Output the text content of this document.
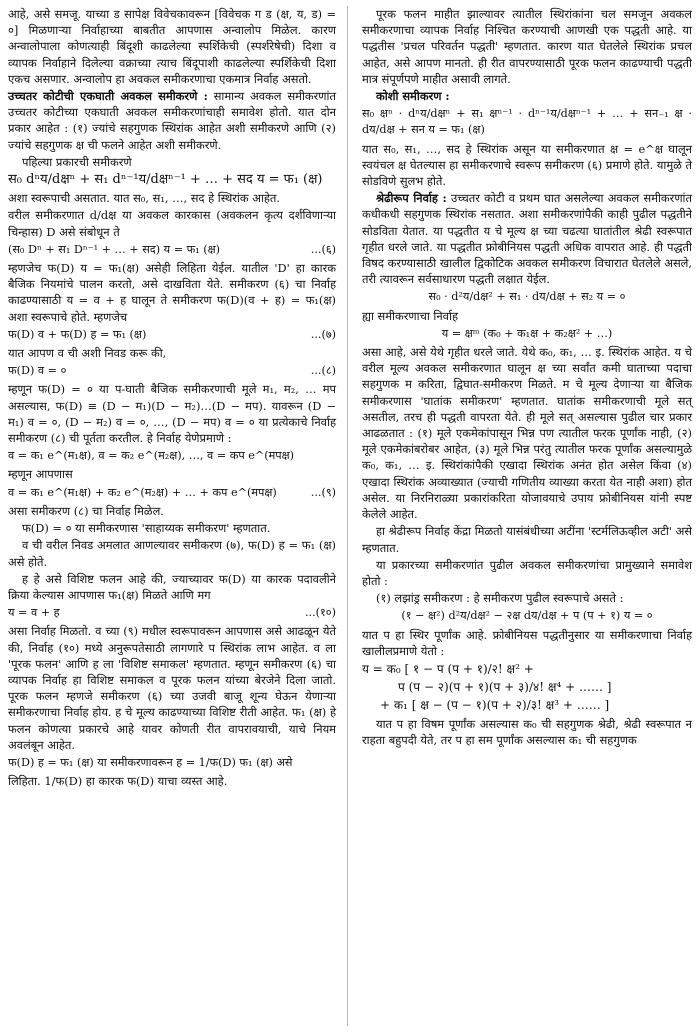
आहे, असे समजू. याच्या ड सापेक्ष विवेचकावरून [विवेचक ग ड (क्ष, य, ड) = ०] मिळणाऱ्या निर्वाहाच्या बाबतीत आपणास अन्वालोप मिळेल. कारण अन्वालोपाला कोणत्याही बिंदूशी काढलेल्या स्पर्शिकेची (स्पर्शरेषेची) दिशा व व्यापक निर्वाहाने दिलेल्या वक्राच्या त्याच बिंदूपाशी काढलेल्या स्पर्शिकेची दिशा एकच असणार. अन्वालोप हा अवकल समीकरणाचा एकमात्र निर्वाह असतो.

उच्चतर कोटीची एकघाती अवकल समीकरणे : सामान्य अवकल समीकरणांत उच्चतर कोटीच्या एकघाती अवकल समीकरणांचाही समावेश होतो. यात दोन प्रकार आहेत : (१) ज्यांचे सहगुणक स्थिरांक आहेत अशी समीकरणे आणि (२) ज्यांचे सहगुणक क्ष ची फलने आहेत अशी समीकरणे.

पहिल्या प्रकारची समीकरणे

स₀ dⁿय/dक्षⁿ + स₁ dⁿ⁻¹य/dक्षⁿ⁻¹ + … + सद य = फ₁ (क्ष)

अशा स्वरूपाची असतात. यात स₀, स₁, …, सद हे स्थिरांक आहेत.

वरील समीकरणात d/dक्ष या अवकल कारकास (अवकलन कृत्य दर्शविणाऱ्या चिन्हास) D असे संबोधून ते

...(६)
(स₀ Dⁿ + स₁ Dⁿ⁻¹ + … + सद) य = फ₁ (क्ष)

म्हणजेच फ(D) य = फ₁(क्ष) असेही लिहिता येईल. यातील 'D' हा कारक बैजिक नियमांचे पालन करतो, असे दाखविता येते. समीकरण (६) चा निर्वाह काढण्यासाठी य = व + ह घालून ते समीकरण फ(D)(व + ह) = फ₁(क्ष) अशा स्वरूपाचे होते. म्हणजेच

...(७)
फ(D) व + फ(D) ह = फ₁ (क्ष)

यात आपण व ची अशी निवड करू की,

...(८)
फ(D) व = ०

म्हणून फ(D) = ० या प-घाती बैजिक समीकरणाची मूले म₁, म₂, … मप असल्यास, फ(D) ≡ (D − म₁)(D − म₂)…(D − मप). यावरून (D − म₁) व = ०, (D − म₂) व = ०, …, (D − मप) व = ० या प्रत्येकाचे निर्वाह समीकरण (८) ची पूर्तता करतील. हे निर्वाह येणेप्रमाणे :

व = क₁ e^(म₁क्ष), व = क₂ e^(म₂क्ष), …, व = कप e^(मपक्ष)

म्हणून आपणास

...(९)
व = क₁ e^(म₁क्ष) + क₂ e^(म₂क्ष) + … + कप e^(मपक्ष)

असा समीकरण (८) चा निर्वाह मिळेल.

फ(D) = ० या समीकरणास 'साहाय्यक समीकरण' म्हणतात.

व ची वरील निवड अमलात आणल्यावर समीकरण (७), फ(D) ह = फ₁ (क्ष) असे होते.

ह हे असे विशिष्ट फलन आहे की, ज्याच्यावर फ(D) या कारक पदावलीने क्रिया केल्यास आपणास फ₁(क्ष) मिळते आणि मग

...(१०)
य = व + ह

असा निर्वाह मिळतो. व च्या (९) मधील स्वरूपावरून आपणास असे आढळून येते की, निर्वाह (१०) मध्ये अनुरूपतेसाठी लागणारे प स्थिरांक लाभ आहेत. व ला 'पूरक फलन' आणि ह ला 'विशिष्ट समाकल' म्हणतात. म्हणून समीकरण (६) चा व्यापक निर्वाह हा विशिष्ट समाकल व पूरक फलन यांच्या बेरजेने दिला जातो. पूरक फलन म्हणजे समीकरण (६) च्या उजवी बाजू शून्य घेऊन येणाऱ्या समीकरणाचा निर्वाह होय. ह चे मूल्य काढण्याच्या विशिष्ट रीती आहेत. फ₁ (क्ष) हे फलन कोणत्या प्रकारचे आहे यावर कोणती रीत वापरावयाची, याचे नियम अवलंबून आहेत.

फ(D) ह = फ₁ (क्ष) या समीकरणावरून ह = 1/फ(D) फ₁ (क्ष) असे

लिहिता. 1/फ(D) हा कारक फ(D) याचा व्यस्त आहे.

पूरक फलन माहीत झाल्यावर त्यातील स्थिरांकांना चल समजून अवकल समीकरणाचा व्यापक निर्वाह निश्चित करण्याची आणखी एक पद्धती आहे. या पद्धतीस 'प्रचल परिवर्तन पद्धती' म्हणतात. कारण यात घेतलेले स्थिरांक प्रचल आहेत, असे आपण मानतो. ही रीत वापरण्यासाठी पूरक फलन काढण्याची पद्धती मात्र संपूर्णपणे माहीत असावी लागते.

कोशी समीकरण :

स₀ क्षⁿ · dⁿय/dक्षⁿ + स₁ क्षⁿ⁻¹ · dⁿ⁻¹य/dक्षⁿ⁻¹ + … + सन₋₁ क्ष · dय/dक्ष + सन य = फ₁ (क्ष)

यात स₀, स₁, …, सद हे स्थिरांक असून या समीकरणात क्ष = e^क्ष घालून स्वयंचल क्ष घेतल्यास हा समीकरणाचे स्वरूप समीकरण (६) प्रमाणे होते. यामुळे ते सोडविणे सुलभ होते.

श्रेढीरूप निर्वाह : उच्चतर कोटी व प्रथम घात असलेल्या अवकल समीकरणांत कधीकधी सहगुणक स्थिरांक नसतात. अशा समीकरणांपैकी काही पुढील पद्धतीने सोडविता येतात. या पद्धतीत य चे मूल्य क्ष च्या चढत्या घातांतील श्रेढी स्वरूपात गृहीत धरले जाते. या पद्धतीत फ्रोबीनियस पद्धती अधिक वापरात आहे. ही पद्धती विषद करण्यासाठी खालील द्विकोटिक अवकल समीकरण विचारात घेतलेले असले, तरी त्यावरून सर्वसाधारण पद्धती लक्षात येईल.

स₀ · d²य/dक्ष² + स₁ · dय/dक्ष + स₂ य = ०

ह्या समीकरणाचा निर्वाह

य = क्षᵐ (क₀ + क₁क्ष + क₂क्ष² + …)

असा आहे, असे येथे गृहीत धरले जाते. येथे क₀, क₁, … इ. स्थिरांक आहेत. य चे वरील मूल्य अवकल समीकरणात घालून क्ष च्या सर्वांत कमी घाताच्या पदाचा सहगुणक म करिता, द्विघात-समीकरण मिळते. म चे मूल्य देणाऱ्या या बैजिक समीकरणास 'घातांक समीकरण' म्हणतात. घातांक समीकरणाची मूले सत् असतील, तरच ही पद्धती वापरता येते. ही मूले सत् असल्यास पुढील चार प्रकार आढळतात : (१) मूले एकमेकांपासून भिन्न पण त्यातील फरक पूर्णांक नाही, (२) मूले एकमेकांबरोबर आहेत, (३) मूले भिन्न परंतु त्यातील फरक पूर्णांक असल्यामुळे क₀, क₁, … इ. स्थिरांकांपैकी एखादा स्थिरांक अनंत होत असेल किंवा (४) एखादा स्थिरांक अव्याख्यात (ज्याची गणितीय व्याख्या करता येत नाही अशा) होत असेल. या निरनिराळ्या प्रकारांकरिता योजावयाचे उपाय फ्रोबीनियस यांनी स्पष्ट केलेले आहेत.

हा श्रेढीरूप निर्वाह केंद्रा मिळतो यासंबंधीच्या अटींना 'स्टर्मलिऊव्हील अटी' असे म्हणतात.

या प्रकारच्या समीकरणांत पुढील अवकल समीकरणांचा प्रामुख्याने समावेश होतो :

(१) लझांड्र समीकरण : हे समीकरण पुढील स्वरूपाचे असते :

(१ − क्ष²) d²य/dक्ष² − २क्ष dय/dक्ष + प (प + १) य = ०

यात प हा स्थिर पूर्णांक आहे. फ्रोबीनियस पद्धतीनुसार या समीकरणाचा निर्वाह खालीलप्रमाणे येतो :

य = क₀ [ १ − प (प + १)/२! क्ष² +
प (प − २)(प + १)(प + ३)/४! क्ष⁴ + …… ]
+ क₁ [ क्ष − (प − १)(प + २)/३! क्ष³ + …… ]

यात प हा विषम पूर्णांक असल्यास क₀ ची सहगुणक श्रेढी, श्रेढी स्वरूपात न राहता बहुपदी येते, तर प हा सम पूर्णांक असल्यास क₁ ची सहगुणक
